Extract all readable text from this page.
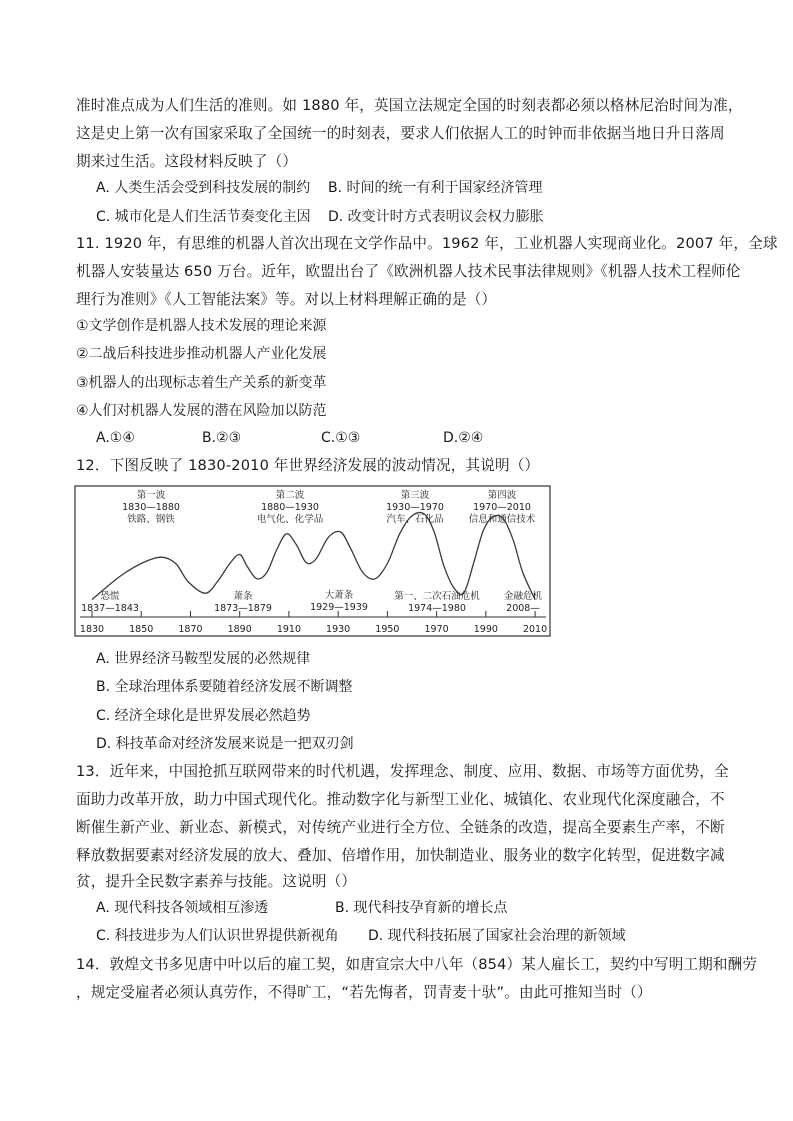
准时准点成为人们生活的准则。如 1880 年，英国立法规定全国的时刻表都必须以格林尼治时间为准，
这是史上第一次有国家采取了全国统一的时刻表，要求人们依据人工的时钟而非依据当地日升日落周
期来过生活。这段材料反映了（）
A. 人类生活会受到科技发展的制约 B. 时间的统一有利于国家经济管理
C. 城市化是人们生活节奏变化主因 D. 改变计时方式表明议会权力膨胀
11. 1920 年，有思维的机器人首次出现在文学作品中。1962 年，工业机器人实现商业化。2007 年，全球
机器人安装量达 650 万台。近年，欧盟出台了《欧洲机器人技术民事法律规则》《机器人技术工程师伦
理行为准则》《人工智能法案》等。对以上材料理解正确的是（）
①文学创作是机器人技术发展的理论来源
②二战后科技进步推动机器人产业化发展
③机器人的出现标志着生产关系的新变革
④人们对机器人发展的潜在风险加以防范
A.①④	B.②③	C.①③	D.②④
12．下图反映了 1830-2010 年世界经济发展的波动情况，其说明（）
1830	1850	1870	1890	1910	1930	1950	1970	1990	2010
第一波
1830—1880
铁路、钢铁
第二波
1880—1930
电气化、化学品
第三波
1930—1970
汽车、石化品
第四波
1970—2010
信息和通信技术
恐慌
1837—1843
萧条
1873—1879
大萧条
1929—1939
第一、二次石油危机
1974—1980
金融危机
2008—
A. 世界经济马鞍型发展的必然规律
B. 全球治理体系要随着经济发展不断调整
C. 经济全球化是世界发展必然趋势
D. 科技革命对经济发展来说是一把双刃剑
13．近年来，中国抢抓互联网带来的时代机遇，发挥理念、制度、应用、数据、市场等方面优势，全
面助力改革开放，助力中国式现代化。推动数字化与新型工业化、城镇化、农业现代化深度融合，不
断催生新产业、新业态、新模式，对传统产业进行全方位、全链条的改造，提高全要素生产率，不断
释放数据要素对经济发展的放大、叠加、倍增作用，加快制造业、服务业的数字化转型，促进数字减
贫，提升全民数字素养与技能。这说明（）
A. 现代科技各领域相互渗透	B. 现代科技孕育新的增长点
C. 科技进步为人们认识世界提供新视角 D. 现代科技拓展了国家社会治理的新领域
14．敦煌文书多见唐中叶以后的雇工契，如唐宣宗大中八年（854）某人雇长工，契约中写明工期和酬劳
，规定受雇者必须认真劳作，不得旷工，“若先悔者，罚青麦十驮”。由此可推知当时（）
